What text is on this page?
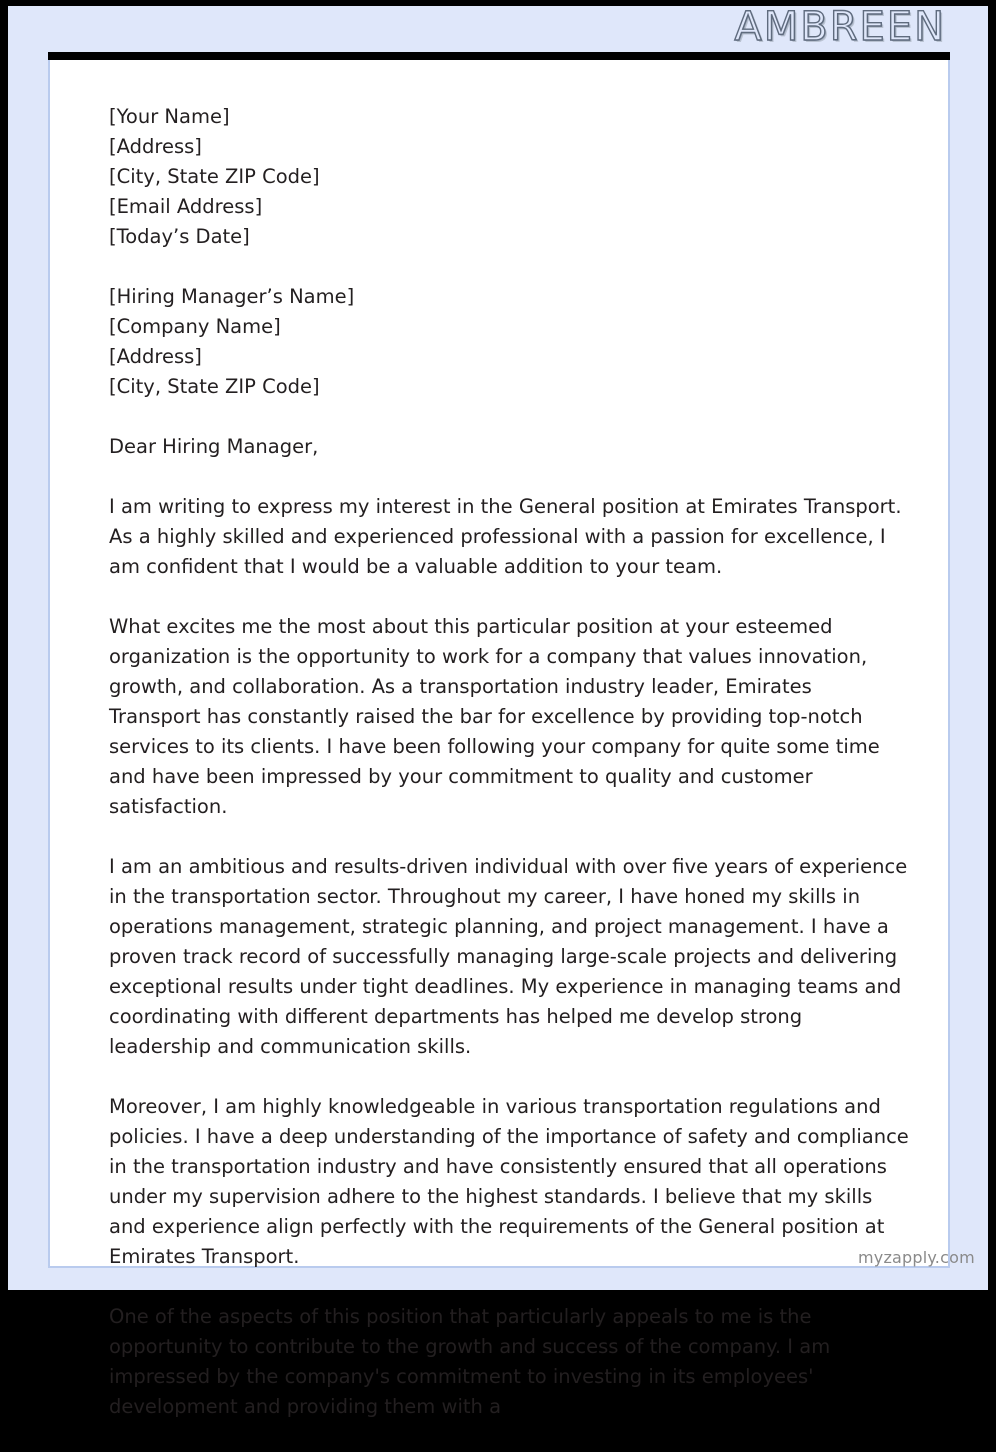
AMBREEN
[Your Name]
[Address]
[City, State ZIP Code]
[Email Address]
[Today’s Date]
[Hiring Manager’s Name]
[Company Name]
[Address]
[City, State ZIP Code]

Dear Hiring Manager,

I am writing to express my interest in the General position at Emirates Transport. As a highly skilled and experienced professional with a passion for excellence, I am confident that I would be a valuable addition to your team.

What excites me the most about this particular position at your esteemed organization is the opportunity to work for a company that values innovation, growth, and collaboration. As a transportation industry leader, Emirates Transport has constantly raised the bar for excellence by providing top-notch services to its clients. I have been following your company for quite some time and have been impressed by your commitment to quality and customer satisfaction.

I am an ambitious and results-driven individual with over five years of experience in the transportation sector. Throughout my career, I have honed my skills in operations management, strategic planning, and project management. I have a proven track record of successfully managing large-scale projects and delivering exceptional results under tight deadlines. My experience in managing teams and coordinating with different departments has helped me develop strong leadership and communication skills.

Moreover, I am highly knowledgeable in various transportation regulations and policies. I have a deep understanding of the importance of safety and compliance in the transportation industry and have consistently ensured that all operations under my supervision adhere to the highest standards. I believe that my skills and experience align perfectly with the requirements of the General position at Emirates Transport.

One of the aspects of this position that particularly appeals to me is the opportunity to contribute to the growth and success of the company. I am impressed by the company's commitment to investing in its employees' development and providing them with a

myzapply.com
